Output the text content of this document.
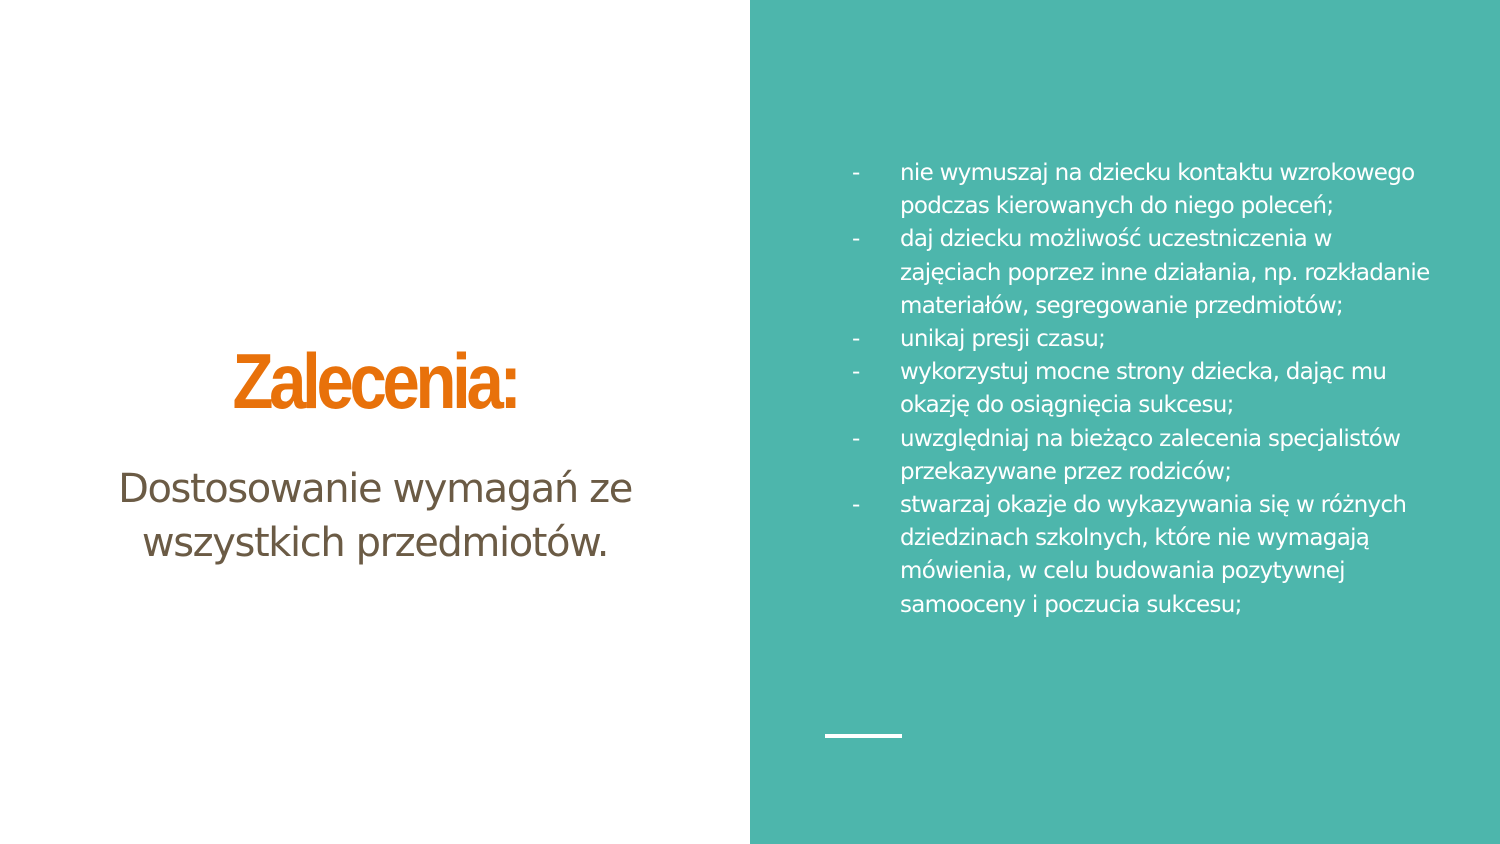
Zalecenia:
Dostosowanie wymagań ze wszystkich przedmiotów.
- nie wymuszaj na dziecku kontaktu wzrokowego podczas kierowanych do niego poleceń;
- daj dziecku możliwość uczestniczenia w zajęciach poprzez inne działania, np. rozkładanie materiałów, segregowanie przedmiotów;
- unikaj presji czasu;
- wykorzystuj mocne strony dziecka, dając mu okazję do osiągnięcia sukcesu;
- uwzględniaj na bieżąco zalecenia specjalistów przekazywane przez rodziców;
- stwarzaj okazje do wykazywania się w różnych dziedzinach szkolnych, które nie wymagają mówienia, w celu budowania pozytywnej samooceny i poczucia sukcesu;
